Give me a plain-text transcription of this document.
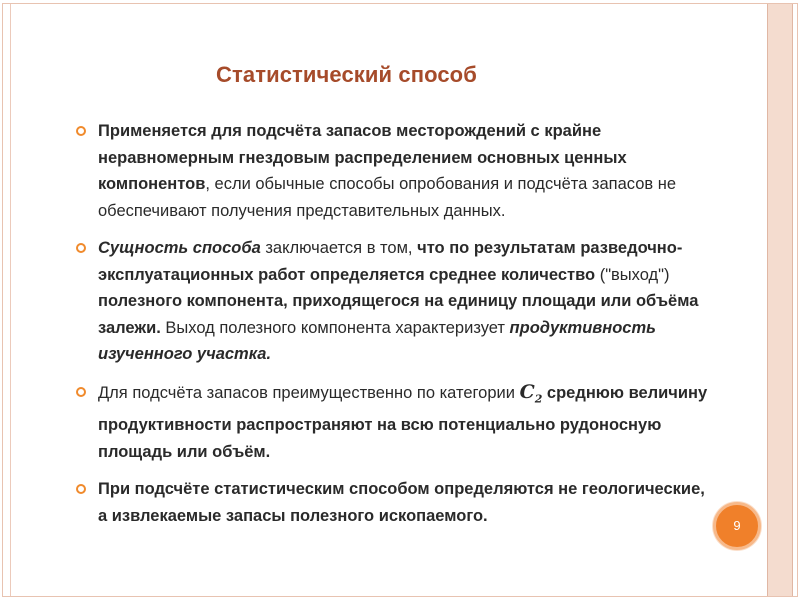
Статистический способ
Применяется для подсчёта запасов месторождений с крайне неравномерным гнездовым распределением основных ценных компонентов, если обычные способы опробования и подсчёта запасов не обеспечивают получения представительных данных.
Сущность способа заключается в том, что по результатам разведочно-эксплуатационных работ определяется среднее количество ("выход") полезного компонента, приходящегося на единицу площади или объёма залежи. Выход полезного компонента характеризует продуктивность изученного участка.
Для подсчёта запасов преимущественно по категории $C_2$ среднюю величину продуктивности распространяют на всю потенциально рудоносную площадь или объём.
При подсчёте статистическим способом определяются не геологические, а извлекаемые запасы полезного ископаемого.
9
